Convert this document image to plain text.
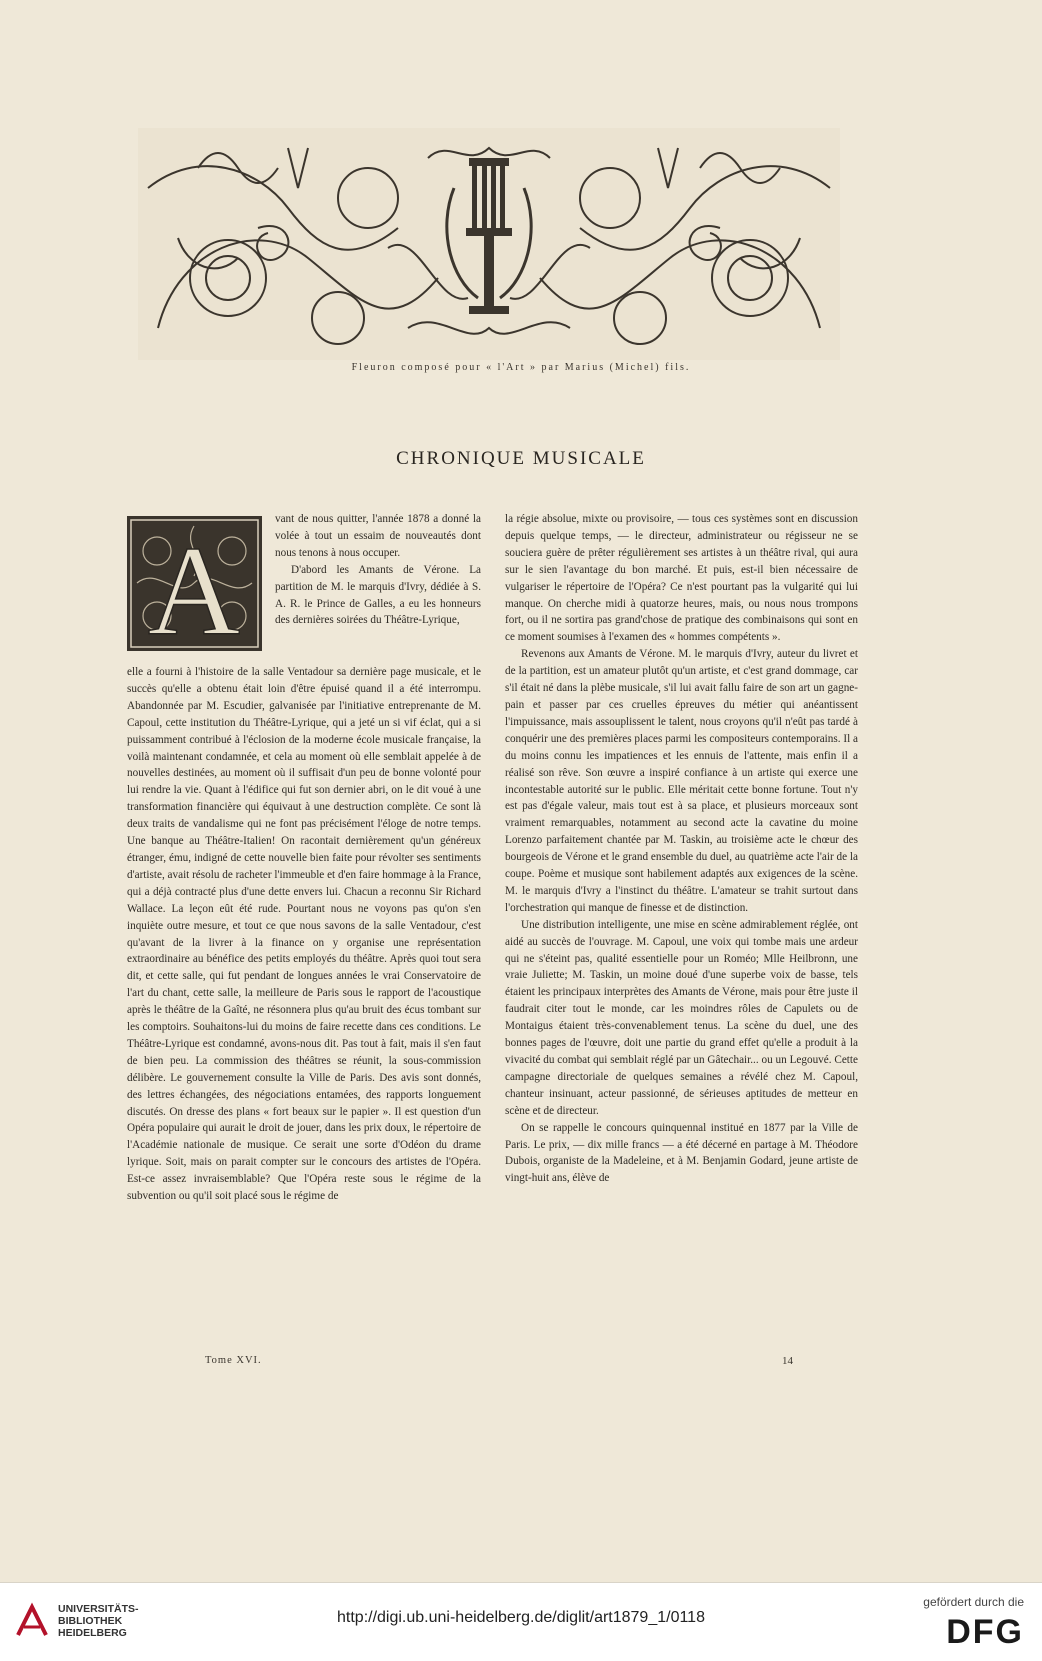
Fleuron composé pour « l'Art » par Marius (Michel) fils.
CHRONIQUE MUSICALE
A

vant de nous quitter, l'année 1878 a donné la volée à tout un essaim de nouveautés dont nous tenons à nous occuper.

D'abord les Amants de Vérone. La partition de M. le marquis d'Ivry, dédiée à S. A. R. le Prince de Galles, a eu les honneurs des dernières soirées du Théâtre-Lyrique,

elle a fourni à l'histoire de la salle Ventadour sa dernière page musicale, et le succès qu'elle a obtenu était loin d'être épuisé quand il a été interrompu. Abandonnée par M. Escudier, galvanisée par l'initiative entreprenante de M. Capoul, cette institution du Théâtre-Lyrique, qui a jeté un si vif éclat, qui a si puissamment contribué à l'éclosion de la moderne école musicale française, la voilà maintenant condamnée, et cela au moment où elle semblait appelée à de nouvelles destinées, au moment où il suffisait d'un peu de bonne volonté pour lui rendre la vie. Quant à l'édifice qui fut son dernier abri, on le dit voué à une transformation financière qui équivaut à une destruction complète. Ce sont là deux traits de vandalisme qui ne font pas précisément l'éloge de notre temps. Une banque au Théâtre-Italien! On racontait dernièrement qu'un généreux étranger, ému, indigné de cette nouvelle bien faite pour révolter ses sentiments d'artiste, avait résolu de racheter l'immeuble et d'en faire hommage à la France, qui a déjà contracté plus d'une dette envers lui. Chacun a reconnu Sir Richard Wallace. La leçon eût été rude. Pourtant nous ne voyons pas qu'on s'en inquiète outre mesure, et tout ce que nous savons de la salle Ventadour, c'est qu'avant de la livrer à la finance on y organise une représentation extraordinaire au bénéfice des petits employés du théâtre. Après quoi tout sera dit, et cette salle, qui fut pendant de longues années le vrai Conservatoire de l'art du chant, cette salle, la meilleure de Paris sous le rapport de l'acoustique après le théâtre de la Gaîté, ne résonnera plus qu'au bruit des écus tombant sur les comptoirs. Souhaitons-lui du moins de faire recette dans ces conditions. Le Théâtre-Lyrique est condamné, avons-nous dit. Pas tout à fait, mais il s'en faut de bien peu. La commission des théâtres se réunit, la sous-commission délibère. Le gouvernement consulte la Ville de Paris. Des avis sont donnés, des lettres échangées, des négociations entamées, des rapports longuement discutés. On dresse des plans « fort beaux sur le papier ». Il est question d'un Opéra populaire qui aurait le droit de jouer, dans les prix doux, le répertoire de l'Académie nationale de musique. Ce serait une sorte d'Odéon du drame lyrique. Soit, mais on parait compter sur le concours des artistes de l'Opéra. Est-ce assez invraisemblable? Que l'Opéra reste sous le régime de la subvention ou qu'il soit placé sous le régime de

la régie absolue, mixte ou provisoire, — tous ces systèmes sont en discussion depuis quelque temps, — le directeur, administrateur ou régisseur ne se souciera guère de prêter régulièrement ses artistes à un théâtre rival, qui aura sur le sien l'avantage du bon marché. Et puis, est-il bien nécessaire de vulgariser le répertoire de l'Opéra? Ce n'est pourtant pas la vulgarité qui lui manque. On cherche midi à quatorze heures, mais, ou nous nous trompons fort, ou il ne sortira pas grand'chose de pratique des combinaisons qui sont en ce moment soumises à l'examen des « hommes compétents ».

Revenons aux Amants de Vérone. M. le marquis d'Ivry, auteur du livret et de la partition, est un amateur plutôt qu'un artiste, et c'est grand dommage, car s'il était né dans la plèbe musicale, s'il lui avait fallu faire de son art un gagne-pain et passer par ces cruelles épreuves du métier qui anéantissent l'impuissance, mais assouplissent le talent, nous croyons qu'il n'eût pas tardé à conquérir une des premières places parmi les compositeurs contemporains. Il a du moins connu les impatiences et les ennuis de l'attente, mais enfin il a réalisé son rêve. Son œuvre a inspiré confiance à un artiste qui exerce une incontestable autorité sur le public. Elle méritait cette bonne fortune. Tout n'y est pas d'égale valeur, mais tout est à sa place, et plusieurs morceaux sont vraiment remarquables, notamment au second acte la cavatine du moine Lorenzo parfaitement chantée par M. Taskin, au troisième acte le chœur des bourgeois de Vérone et le grand ensemble du duel, au quatrième acte l'air de la coupe. Poème et musique sont habilement adaptés aux exigences de la scène. M. le marquis d'Ivry a l'instinct du théâtre. L'amateur se trahit surtout dans l'orchestration qui manque de finesse et de distinction.

Une distribution intelligente, une mise en scène admirablement réglée, ont aidé au succès de l'ouvrage. M. Capoul, une voix qui tombe mais une ardeur qui ne s'éteint pas, qualité essentielle pour un Roméo; Mlle Heilbronn, une vraie Juliette; M. Taskin, un moine doué d'une superbe voix de basse, tels étaient les principaux interprètes des Amants de Vérone, mais pour être juste il faudrait citer tout le monde, car les moindres rôles de Capulets ou de Montaigus étaient très-convenablement tenus. La scène du duel, une des bonnes pages de l'œuvre, doit une partie du grand effet qu'elle a produit à la vivacité du combat qui semblait réglé par un Gâtechair... ou un Legouvé. Cette campagne directoriale de quelques semaines a révélé chez M. Capoul, chanteur insinuant, acteur passionné, de sérieuses aptitudes de metteur en scène et de directeur.

On se rappelle le concours quinquennal institué en 1877 par la Ville de Paris. Le prix, — dix mille francs — a été décerné en partage à M. Théodore Dubois, organiste de la Madeleine, et à M. Benjamin Godard, jeune artiste de vingt-huit ans, élève de

Tome XVI.	14
UNIVERSITÄTS-
BIBLIOTHEK
HEIDELBERG
http://digi.ub.uni-heidelberg.de/diglit/art1879_1/0118
gefördert durch die
DFG
